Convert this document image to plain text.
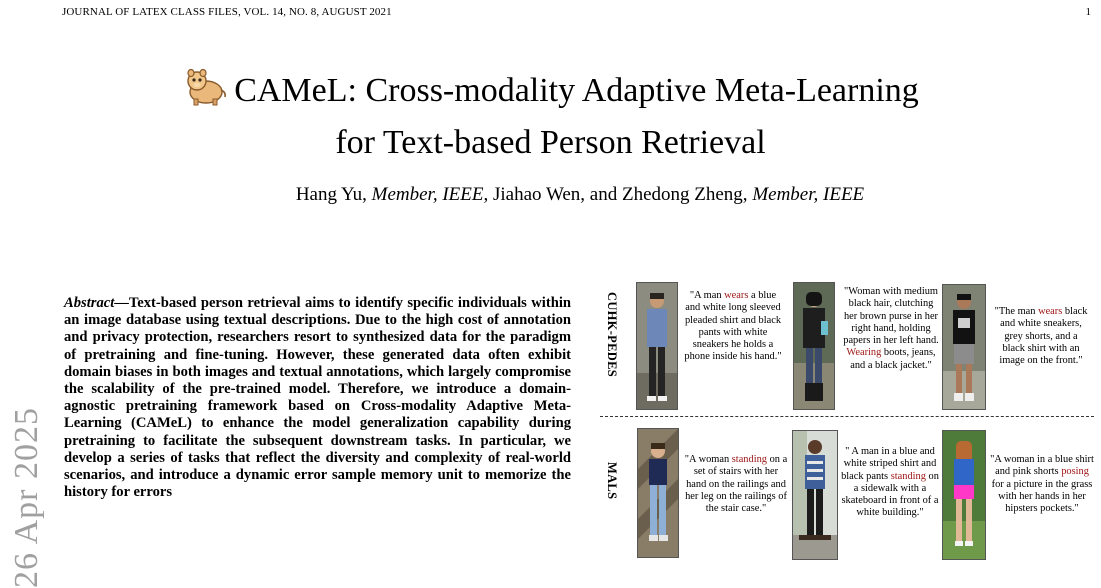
JOURNAL OF LATEX CLASS FILES, VOL. 14, NO. 8, AUGUST 2021	1
26 Apr 2025
CAMeL: Cross-modality Adaptive Meta-Learning
for Text-based Person Retrieval
Hang Yu, Member, IEEE, Jiahao Wen, and Zhedong Zheng, Member, IEEE
Abstract—Text-based person retrieval aims to identify specific individuals within an image database using textual descriptions. Due to the high cost of annotation and privacy protection, researchers resort to synthesized data for the paradigm of pretraining and fine-tuning. However, these generated data often exhibit domain biases in both images and textual annotations, which largely compromise the scalability of the pre-trained model. Therefore, we introduce a domain-agnostic pretraining framework based on Cross-modality Adaptive Meta-Learning (CAMeL) to enhance the model generalization capability during pretraining to facilitate the subsequent downstream tasks. In particular, we develop a series of tasks that reflect the diversity and complexity of real-world scenarios, and introduce a dynamic error sample memory unit to memorize the history for errors
CUHK-PEDES
MALS
"A man wears a blue and white long sleeved pleaded shirt and black pants with white sneakers he holds a phone inside his hand."
"Woman with medium black hair, clutching her brown purse in her right hand, holding papers in her left hand. Wearing boots, jeans, and a black jacket."
"The man wears black and white sneakers, grey shorts, and a black shirt with an image on the front."
"A woman standing on a set of stairs with her hand on the railings and her leg on the railings of the stair case."
" A man in a blue and white striped shirt and black pants standing on a sidewalk with a skateboard in front of a white building."
"A woman in a blue shirt and pink shorts posing for a picture in the grass with her hands in her hipsters pockets."
